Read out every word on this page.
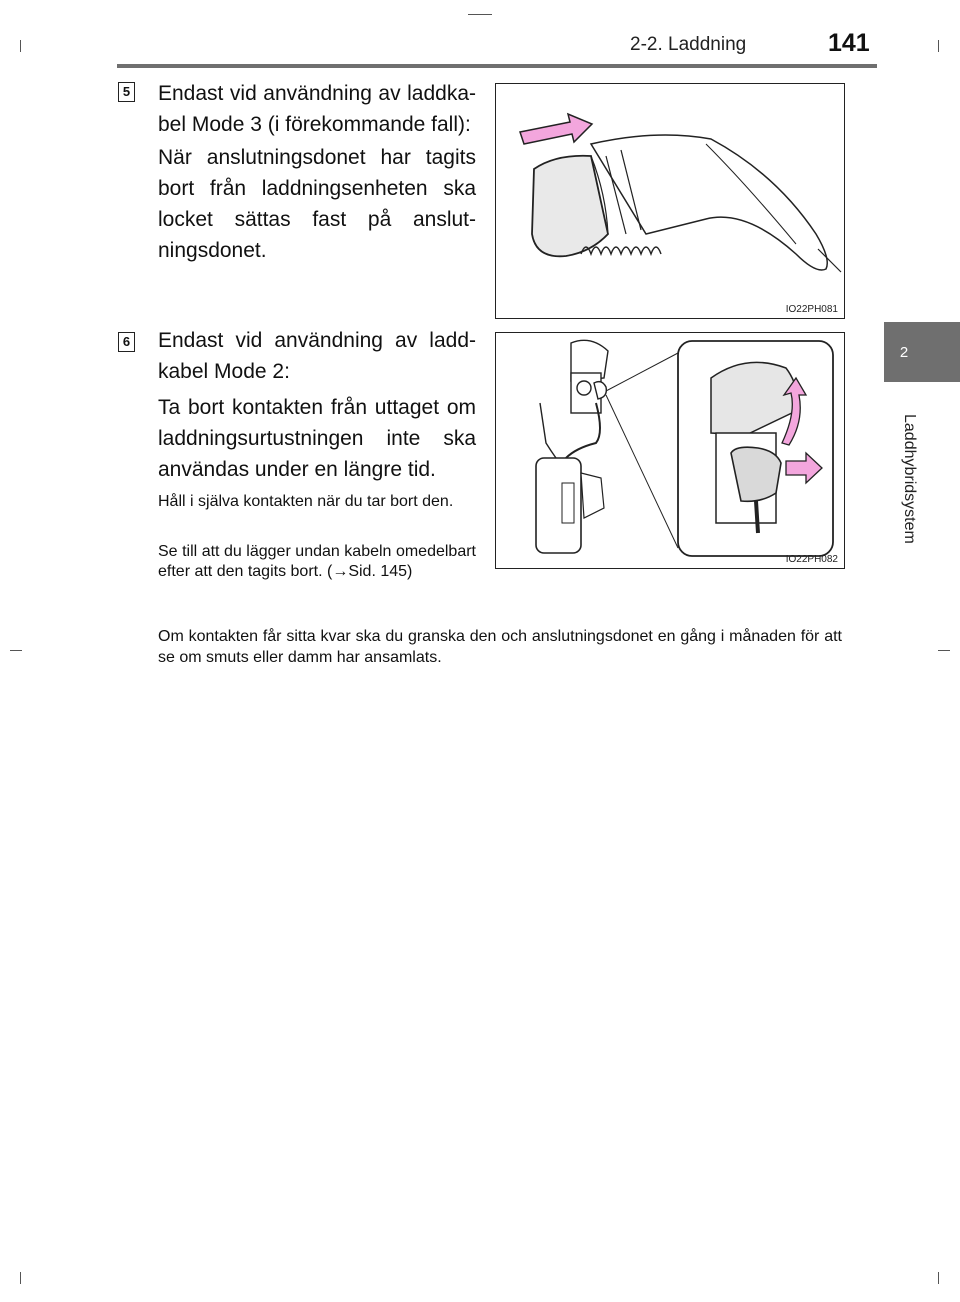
2-2. Laddning	141
2
Laddhybridsystem
5 Endast vid användning av laddka-bel Mode 3 (i förekommande fall):
När anslutningsdonet har tagits bort från laddningsenheten ska locket sättas fast på anslut-ningsdonet.
IO22PH081
6 Endast vid användning av ladd-kabel Mode 2:
Ta bort kontakten från uttaget om laddningsurtustningen inte ska användas under en längre tid.
Håll i själva kontakten när du tar bort den.
Se till att du lägger undan kabeln omedelbart efter att den tagits bort. (→Sid. 145)
IO22PH082
Om kontakten får sitta kvar ska du granska den och anslutningsdonet en gång i månaden för att se om smuts eller damm har ansamlats.
